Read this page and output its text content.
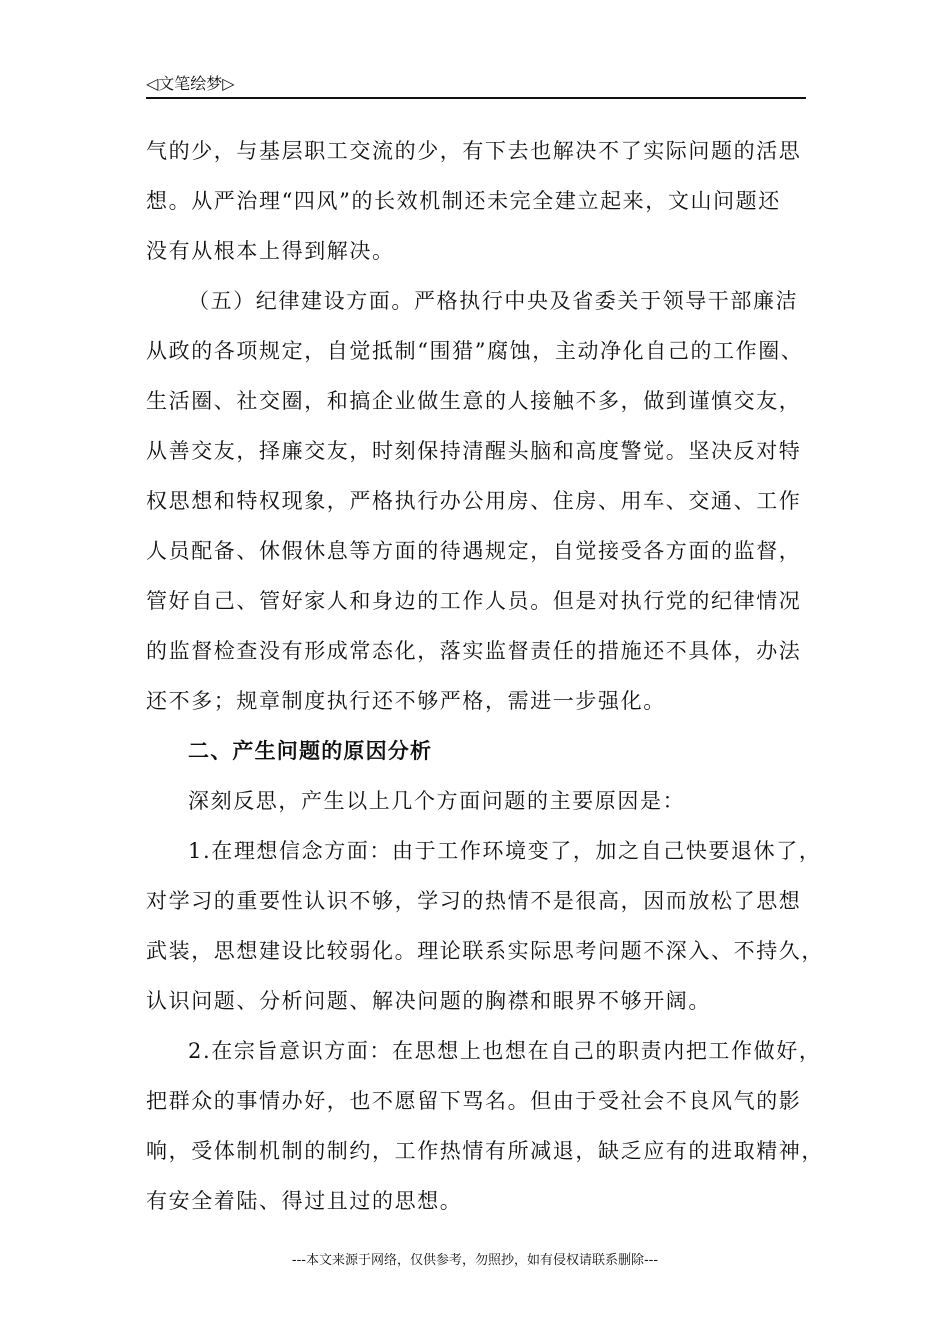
◁文笔绘梦▷
气的少，与基层职工交流的少，有下去也解决不了实际问题的活思
想。从严治理“四风”的长效机制还未完全建立起来，文山问题还
没有从根本上得到解决。
（五）纪律建设方面。严格执行中央及省委关于领导干部廉洁
从政的各项规定，自觉抵制“围猎”腐蚀，主动净化自己的工作圈、
生活圈、社交圈，和搞企业做生意的人接触不多，做到谨慎交友，
从善交友，择廉交友，时刻保持清醒头脑和高度警觉。坚决反对特
权思想和特权现象，严格执行办公用房、住房、用车、交通、工作
人员配备、休假休息等方面的待遇规定，自觉接受各方面的监督，
管好自己、管好家人和身边的工作人员。但是对执行党的纪律情况
的监督检查没有形成常态化，落实监督责任的措施还不具体，办法
还不多；规章制度执行还不够严格，需进一步强化。
二、产生问题的原因分析
深刻反思，产生以上几个方面问题的主要原因是：
1.在理想信念方面：由于工作环境变了，加之自己快要退休了，
对学习的重要性认识不够，学习的热情不是很高，因而放松了思想
武装，思想建设比较弱化。理论联系实际思考问题不深入、不持久，
认识问题、分析问题、解决问题的胸襟和眼界不够开阔。
2.在宗旨意识方面：在思想上也想在自己的职责内把工作做好，
把群众的事情办好，也不愿留下骂名。但由于受社会不良风气的影
响，受体制机制的制约，工作热情有所减退，缺乏应有的进取精神，
有安全着陆、得过且过的思想。
---本文来源于网络，仅供参考，勿照抄，如有侵权请联系删除---
